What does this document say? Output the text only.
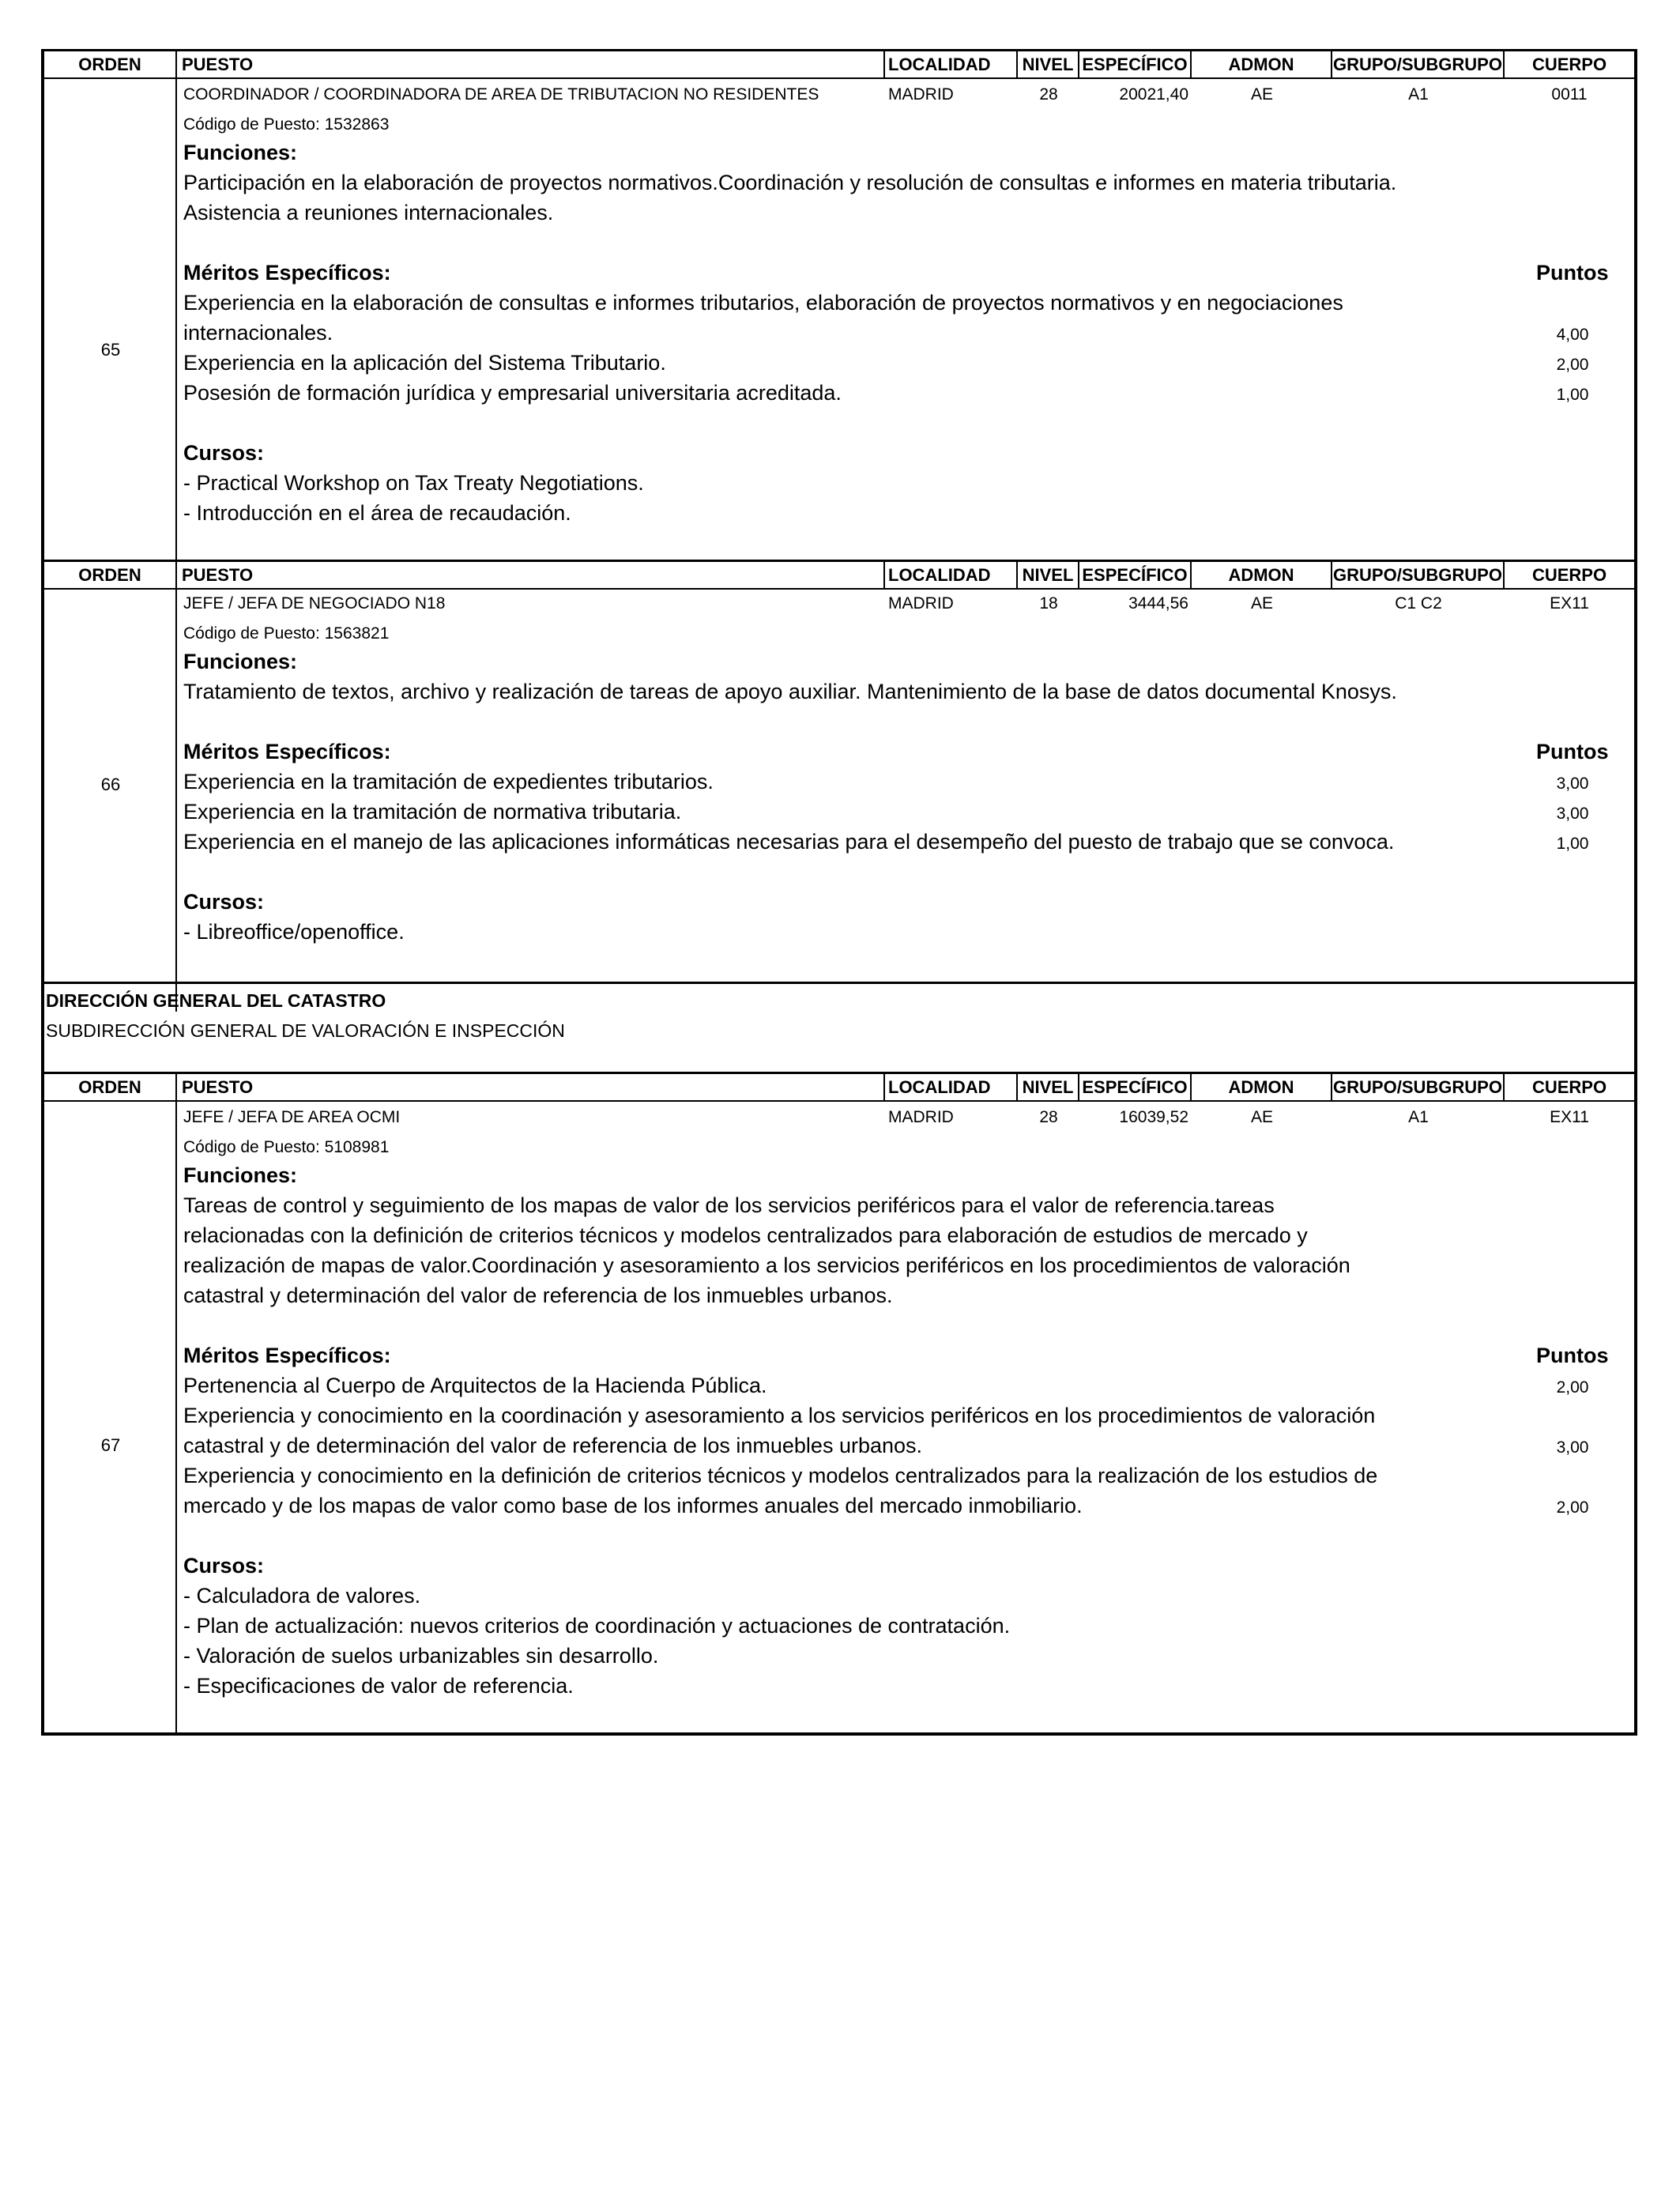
ORDEN	PUESTO	LOCALIDAD	NIVEL ESPECÍFICO	ADMON	GRUPO/SUBGRUPO	CUERPO
65
COORDINADOR / COORDINADORA DE AREA DE TRIBUTACION NO RESIDENTES	MADRID	28	20021,40	AE	A1	0011
Código de Puesto: 1532863
Funciones:
Participación en la elaboración de proyectos normativos.Coordinación y resolución de consultas e informes en materia tributaria.
Asistencia a reuniones internacionales.
Méritos Específicos:	Puntos
Experiencia en la elaboración de consultas e informes tributarios, elaboración de proyectos normativos y en negociaciones
internacionales.	4,00
Experiencia en la aplicación del Sistema Tributario.	2,00
Posesión de formación jurídica y empresarial universitaria acreditada.	1,00
Cursos:
- Practical Workshop on Tax Treaty Negotiations.
- Introducción en el área de recaudación.
ORDEN	PUESTO	LOCALIDAD	NIVEL ESPECÍFICO	ADMON	GRUPO/SUBGRUPO	CUERPO
66
JEFE / JEFA DE NEGOCIADO N18	MADRID	18	3444,56	AE	C1 C2	EX11
Código de Puesto: 1563821
Funciones:
Tratamiento de textos, archivo y realización de tareas de apoyo auxiliar. Mantenimiento de la base de datos documental Knosys.
Méritos Específicos:	Puntos
Experiencia en la tramitación de expedientes tributarios.	3,00
Experiencia en la tramitación de normativa tributaria.	3,00
Experiencia en el manejo de las aplicaciones informáticas necesarias para el desempeño del puesto de trabajo que se convoca.	1,00
Cursos:
- Libreoffice/openoffice.
DIRECCIÓN GENERAL DEL CATASTRO
SUBDIRECCIÓN GENERAL DE VALORACIÓN E INSPECCIÓN
ORDEN	PUESTO	LOCALIDAD	NIVEL ESPECÍFICO	ADMON	GRUPO/SUBGRUPO	CUERPO
67
JEFE / JEFA DE AREA OCMI	MADRID	28	16039,52	AE	A1	EX11
Código de Puesto: 5108981
Funciones:
Tareas de control y seguimiento de los mapas de valor de los servicios periféricos para el valor de referencia.tareas
relacionadas con la definición de criterios técnicos y modelos centralizados para elaboración de estudios de mercado y
realización de mapas de valor.Coordinación y asesoramiento a los servicios periféricos en los procedimientos de valoración
catastral y determinación del valor de referencia de los inmuebles urbanos.
Méritos Específicos:	Puntos
Pertenencia al Cuerpo de Arquitectos de la Hacienda Pública.	2,00
Experiencia y conocimiento en la coordinación y asesoramiento a los servicios periféricos en los procedimientos de valoración
catastral y de determinación del valor de referencia de los inmuebles urbanos.	3,00
Experiencia y conocimiento en la definición de criterios técnicos y modelos centralizados para la realización de los estudios de
mercado y de los mapas de valor como base de los informes anuales del mercado inmobiliario.	2,00
Cursos:
- Calculadora de valores.
- Plan de actualización: nuevos criterios de coordinación y actuaciones de contratación.
- Valoración de suelos urbanizables sin desarrollo.
- Especificaciones de valor de referencia.
